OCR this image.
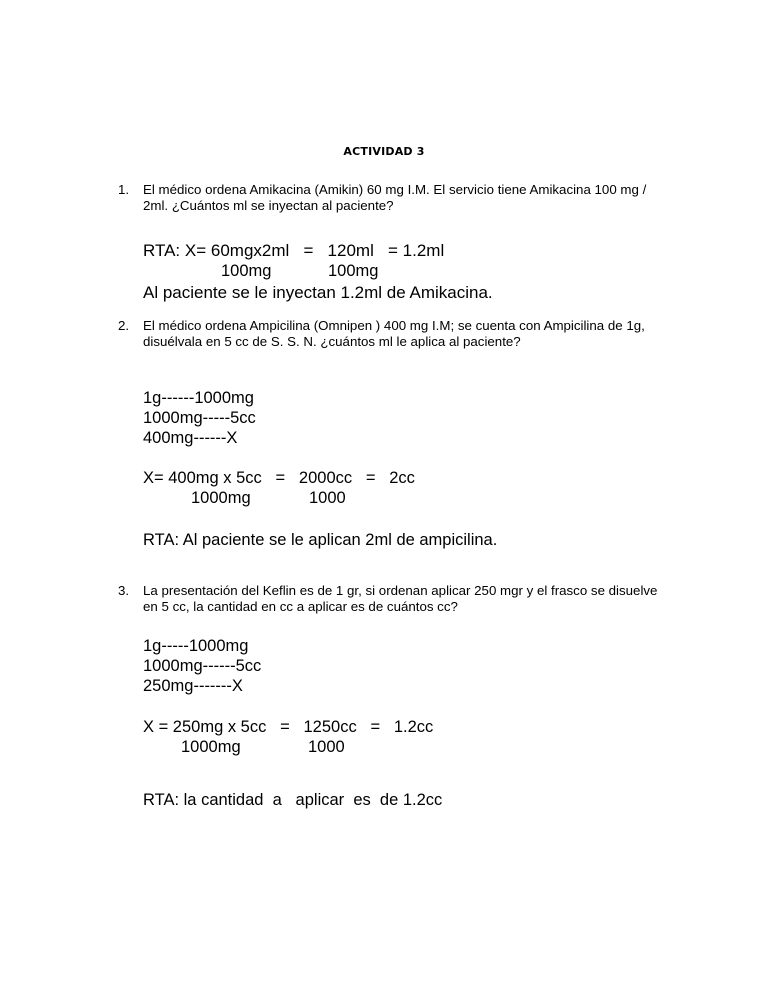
ACTIVIDAD 3
1. El médico ordena Amikacina (Amikin) 60 mg I.M. El servicio tiene Amikacina 100 mg / 2ml. ¿Cuántos ml se inyectan al paciente?
RTA: X= 60mgx2ml   =   120ml   = 1.2ml
100mg	100mg
Al paciente se le inyectan 1.2ml de Amikacina.
2. El médico ordena Ampicilina (Omnipen ) 400 mg I.M; se cuenta con Ampicilina de 1g, disuélvala en 5 cc de S. S. N. ¿cuántos ml le aplica al paciente?
1g------1000mg
1000mg-----5cc
400mg------X
X= 400mg x 5cc   =   2000cc   =   2cc
1000mg	1000
RTA: Al paciente se le aplican 2ml de ampicilina.
3. La presentación del Keflin es de 1 gr, si ordenan aplicar 250 mgr y el frasco se disuelve en 5 cc, la cantidad en cc a aplicar es de cuántos cc?
1g-----1000mg
1000mg------5cc
250mg-------X
X = 250mg x 5cc   =   1250cc   =   1.2cc
1000mg	1000
RTA: la cantidad  a   aplicar  es  de 1.2cc
